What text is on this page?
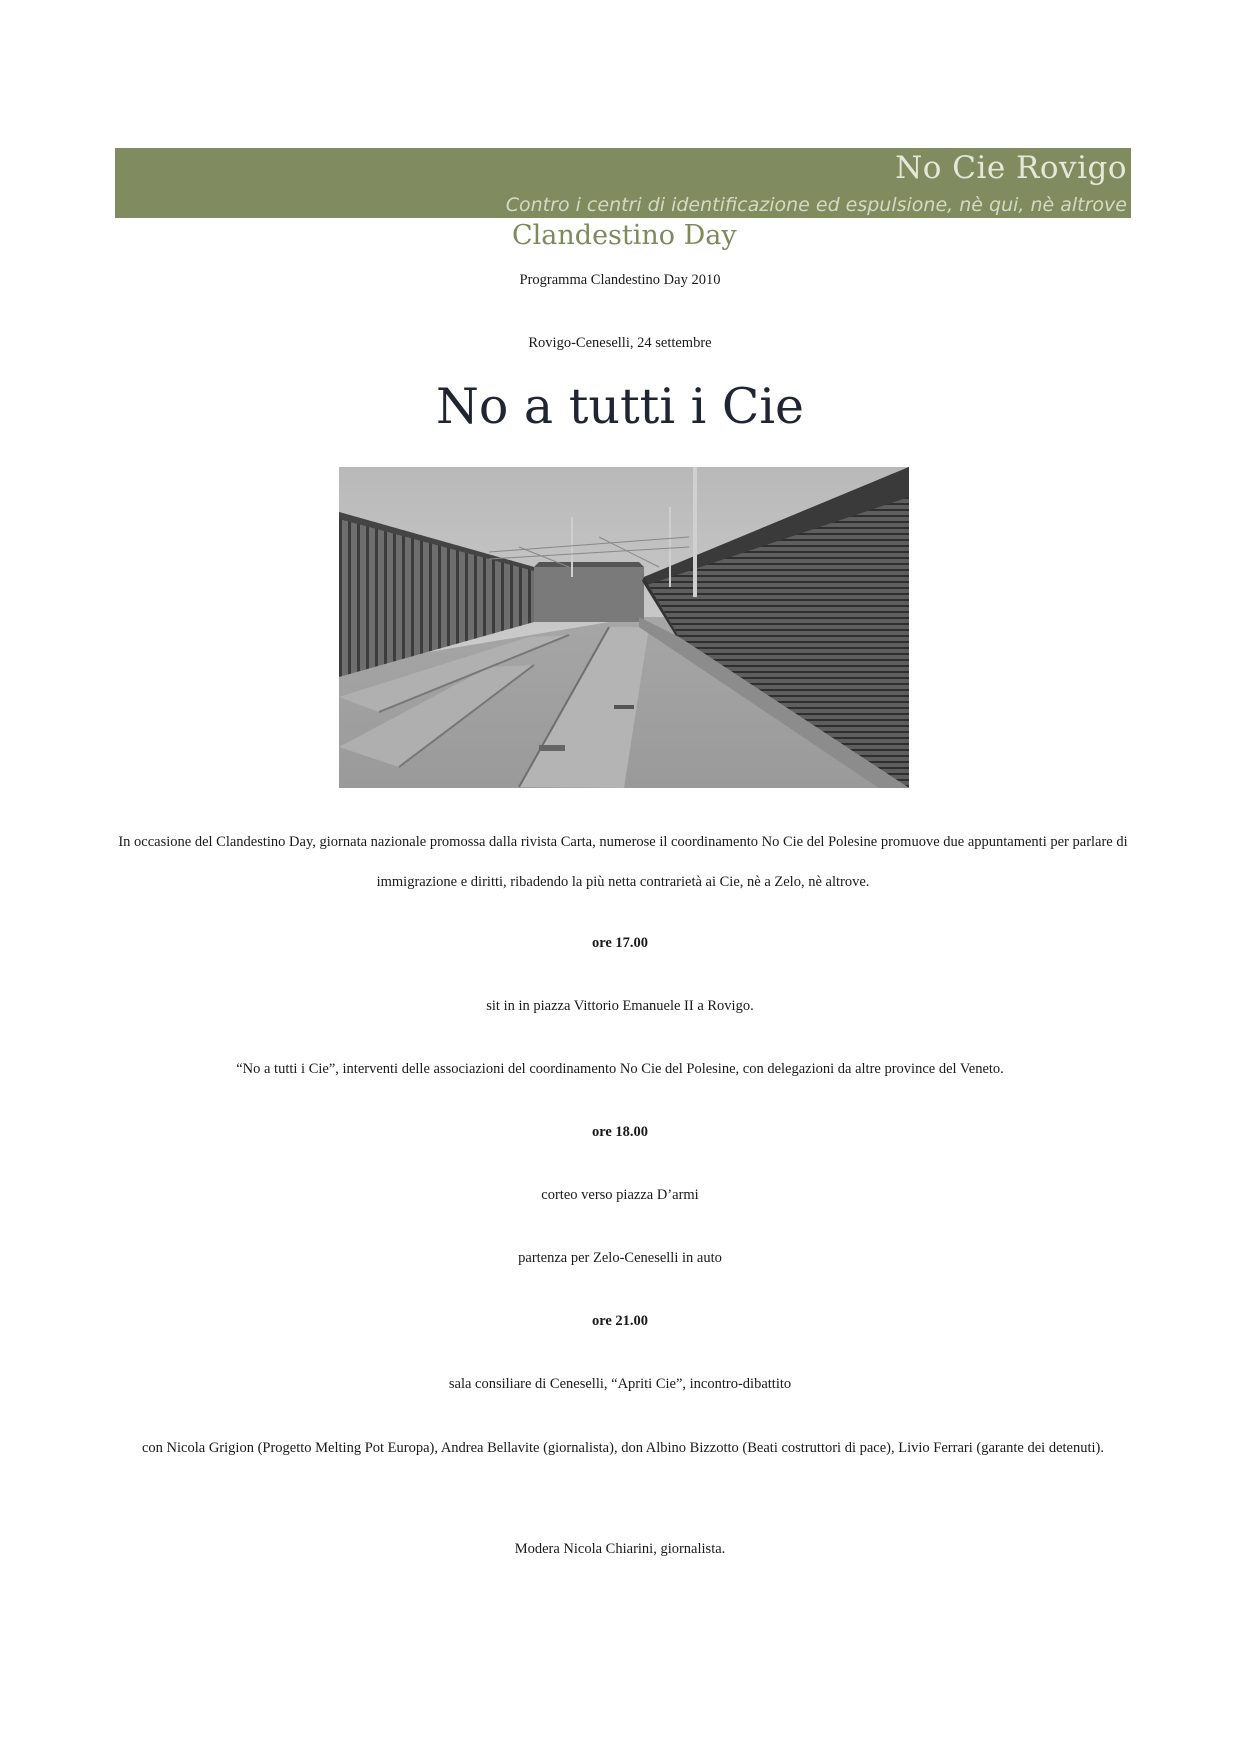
No Cie Rovigo
Contro i centri di identificazione ed espulsione, nè qui, nè altrove
Clandestino Day
Programma Clandestino Day 2010
Rovigo-Ceneselli, 24 settembre
No a tutti i Cie
In occasione del Clandestino Day, giornata nazionale promossa dalla rivista Carta, numerose il coordinamento No Cie del Polesine promuove due appuntamenti per parlare di immigrazione e diritti, ribadendo la più netta contrarietà ai Cie, nè a Zelo, nè altrove.
ore 17.00
sit in in piazza Vittorio Emanuele II a Rovigo.
“No a tutti i Cie”, interventi delle associazioni del coordinamento No Cie del Polesine, con delegazioni da altre province del Veneto.
ore 18.00
corteo verso piazza D’armi
partenza per Zelo-Ceneselli in auto
ore 21.00
sala consiliare di Ceneselli, “Apriti Cie”, incontro-dibattito
con Nicola Grigion (Progetto Melting Pot Europa), Andrea Bellavite (giornalista), don Albino Bizzotto (Beati costruttori di pace), Livio Ferrari (garante dei detenuti).
Modera Nicola Chiarini, giornalista.
